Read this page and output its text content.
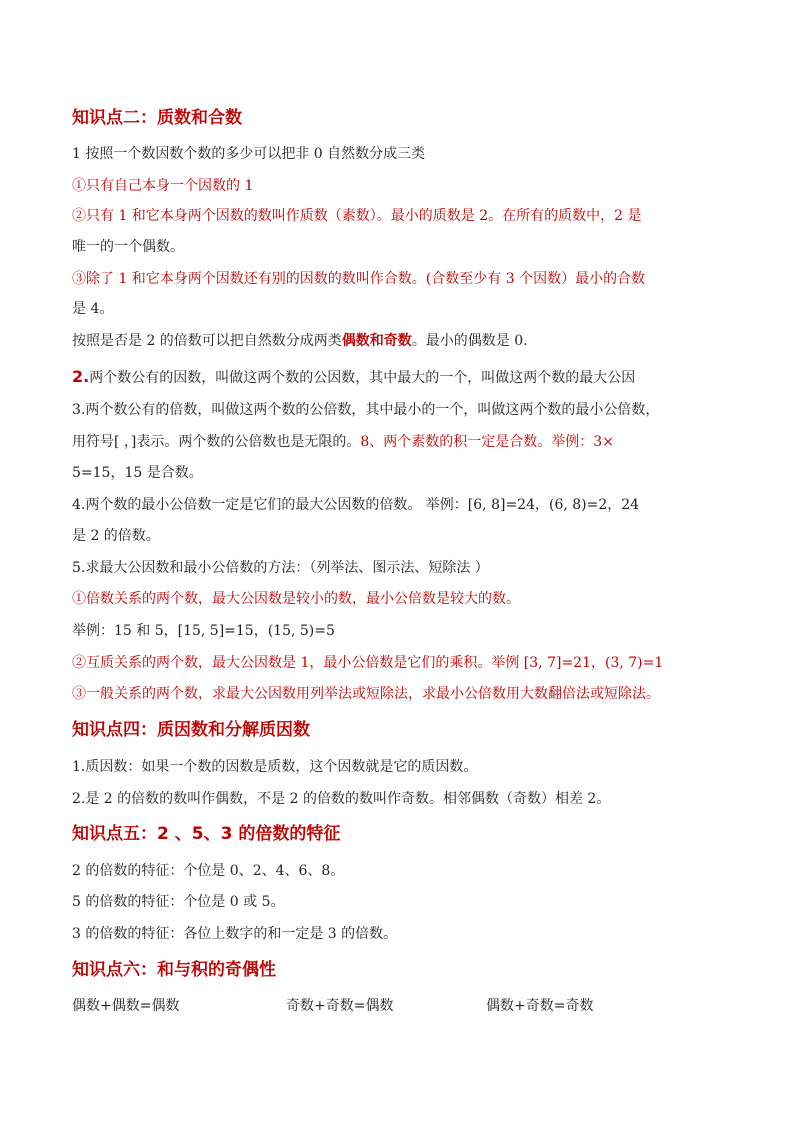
知识点二：质数和合数
1 按照一个数因数个数的多少可以把非 0 自然数分成三类
①只有自己本身一个因数的 1
②只有 1 和它本身两个因数的数叫作质数（素数）。最小的质数是 2。在所有的质数中，2 是
唯一的一个偶数。
③除了 1 和它本身两个因数还有别的因数的数叫作合数。(合数至少有 3 个因数）最小的合数
是 4。
按照是否是 2 的倍数可以把自然数分成两类偶数和奇数。最小的偶数是 0.
2.两个数公有的因数，叫做这两个数的公因数，其中最大的一个，叫做这两个数的最大公因
3.两个数公有的倍数，叫做这两个数的公倍数，其中最小的一个，叫做这两个数的最小公倍数，
用符号[ ，]表示。两个数的公倍数也是无限的。8、两个素数的积一定是合数。举例：3×
5=15，15 是合数。
4.两个数的最小公倍数一定是它们的最大公因数的倍数。 举例：[6, 8]=24，(6, 8)=2，24
是 2 的倍数。
5.求最大公因数和最小公倍数的方法：（列举法、图示法、短除法 ）
①倍数关系的两个数，最大公因数是较小的数，最小公倍数是较大的数。
举例：15 和 5，[15, 5]=15，(15, 5)=5
②互质关系的两个数，最大公因数是 1，最小公倍数是它们的乘积。举例 [3, 7]=21，(3, 7)=1
③一般关系的两个数，求最大公因数用列举法或短除法，求最小公倍数用大数翻倍法或短除法。
知识点四：质因数和分解质因数
1.质因数：如果一个数的因数是质数，这个因数就是它的质因数。
2.是 2 的倍数的数叫作偶数，不是 2 的倍数的数叫作奇数。相邻偶数（奇数）相差 2。
知识点五：2 、5、3 的倍数的特征
2 的倍数的特征：个位是 0、2、4、6、8。
5 的倍数的特征：个位是 0 或 5。
3 的倍数的特征：各位上数字的和一定是 3 的倍数。
知识点六：和与积的奇偶性
偶数+偶数=偶数	奇数+奇数=偶数	偶数+奇数=奇数
